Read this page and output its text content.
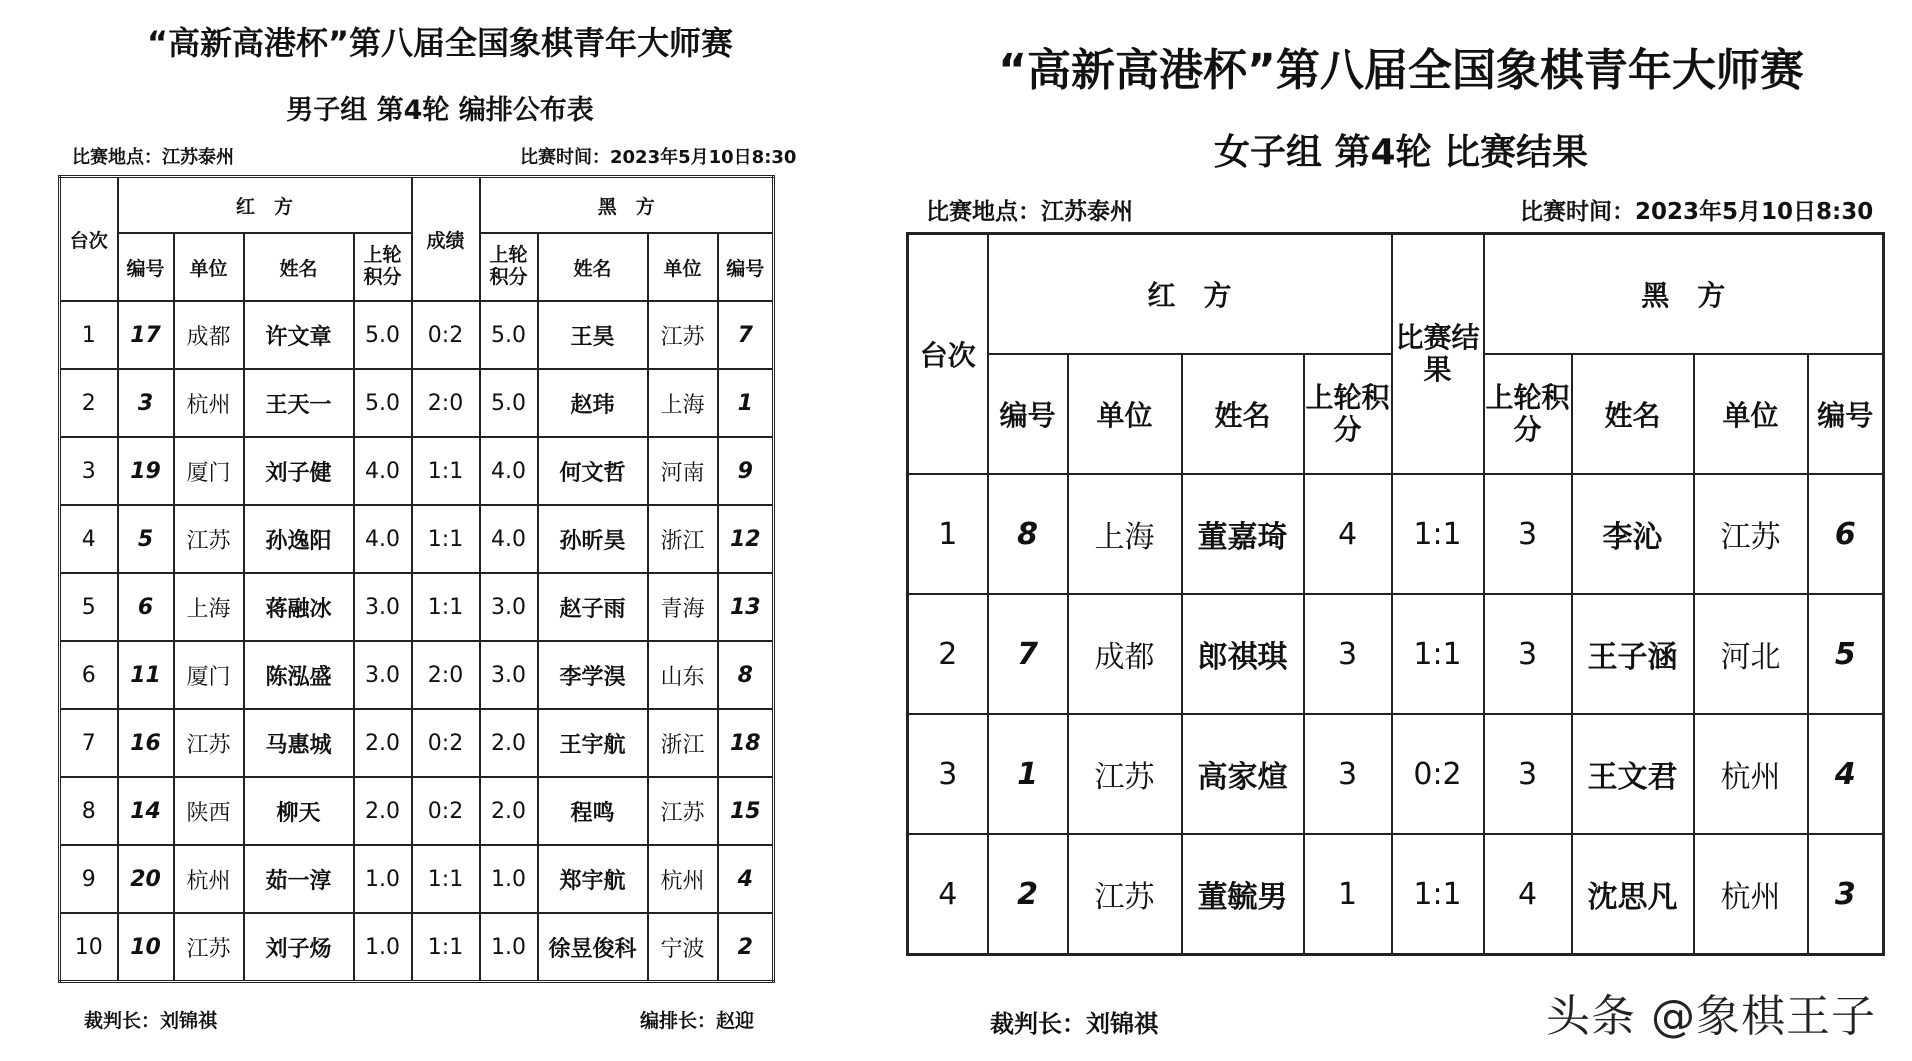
“高新高港杯”第八届全国象棋青年大师赛
男子组 第4轮 编排公布表
比赛地点：江苏泰州	比赛时间：2023年5月10日8:30
台次	红　方				成绩	黑　方			
	编号	单位	姓名	上轮积分		上轮积分	姓名	单位	编号
1	17	成都	许文章	5.0	0:2	5.0	王昊	江苏	7
2	3	杭州	王天一	5.0	2:0	5.0	赵玮	上海	1
3	19	厦门	刘子健	4.0	1:1	4.0	何文哲	河南	9
4	5	江苏	孙逸阳	4.0	1:1	4.0	孙昕昊	浙江	12
5	6	上海	蒋融冰	3.0	1:1	3.0	赵子雨	青海	13
6	11	厦门	陈泓盛	3.0	2:0	3.0	李学淏	山东	8
7	16	江苏	马惠城	2.0	0:2	2.0	王宇航	浙江	18
8	14	陕西	柳天	2.0	0:2	2.0	程鸣	江苏	15
9	20	杭州	茹一淳	1.0	1:1	1.0	郑宇航	杭州	4
10	10	江苏	刘子炀	1.0	1:1	1.0	徐昱俊科	宁波	2
裁判长：刘锦祺	编排长：赵迎
“高新高港杯”第八届全国象棋青年大师赛
女子组 第4轮 比赛结果
比赛地点：江苏泰州	比赛时间：2023年5月10日8:30
台次	红　方				比赛结果	黑　方			
	编号	单位	姓名	上轮积分		上轮积分	姓名	单位	编号
1	8	上海	董嘉琦	4	1:1	3	李沁	江苏	6
2	7	成都	郎祺琪	3	1:1	3	王子涵	河北	5
3	1	江苏	高家煊	3	0:2	3	王文君	杭州	4
4	2	江苏	董毓男	1	1:1	4	沈思凡	杭州	3
裁判长：刘锦祺	头条 @象棋王子
